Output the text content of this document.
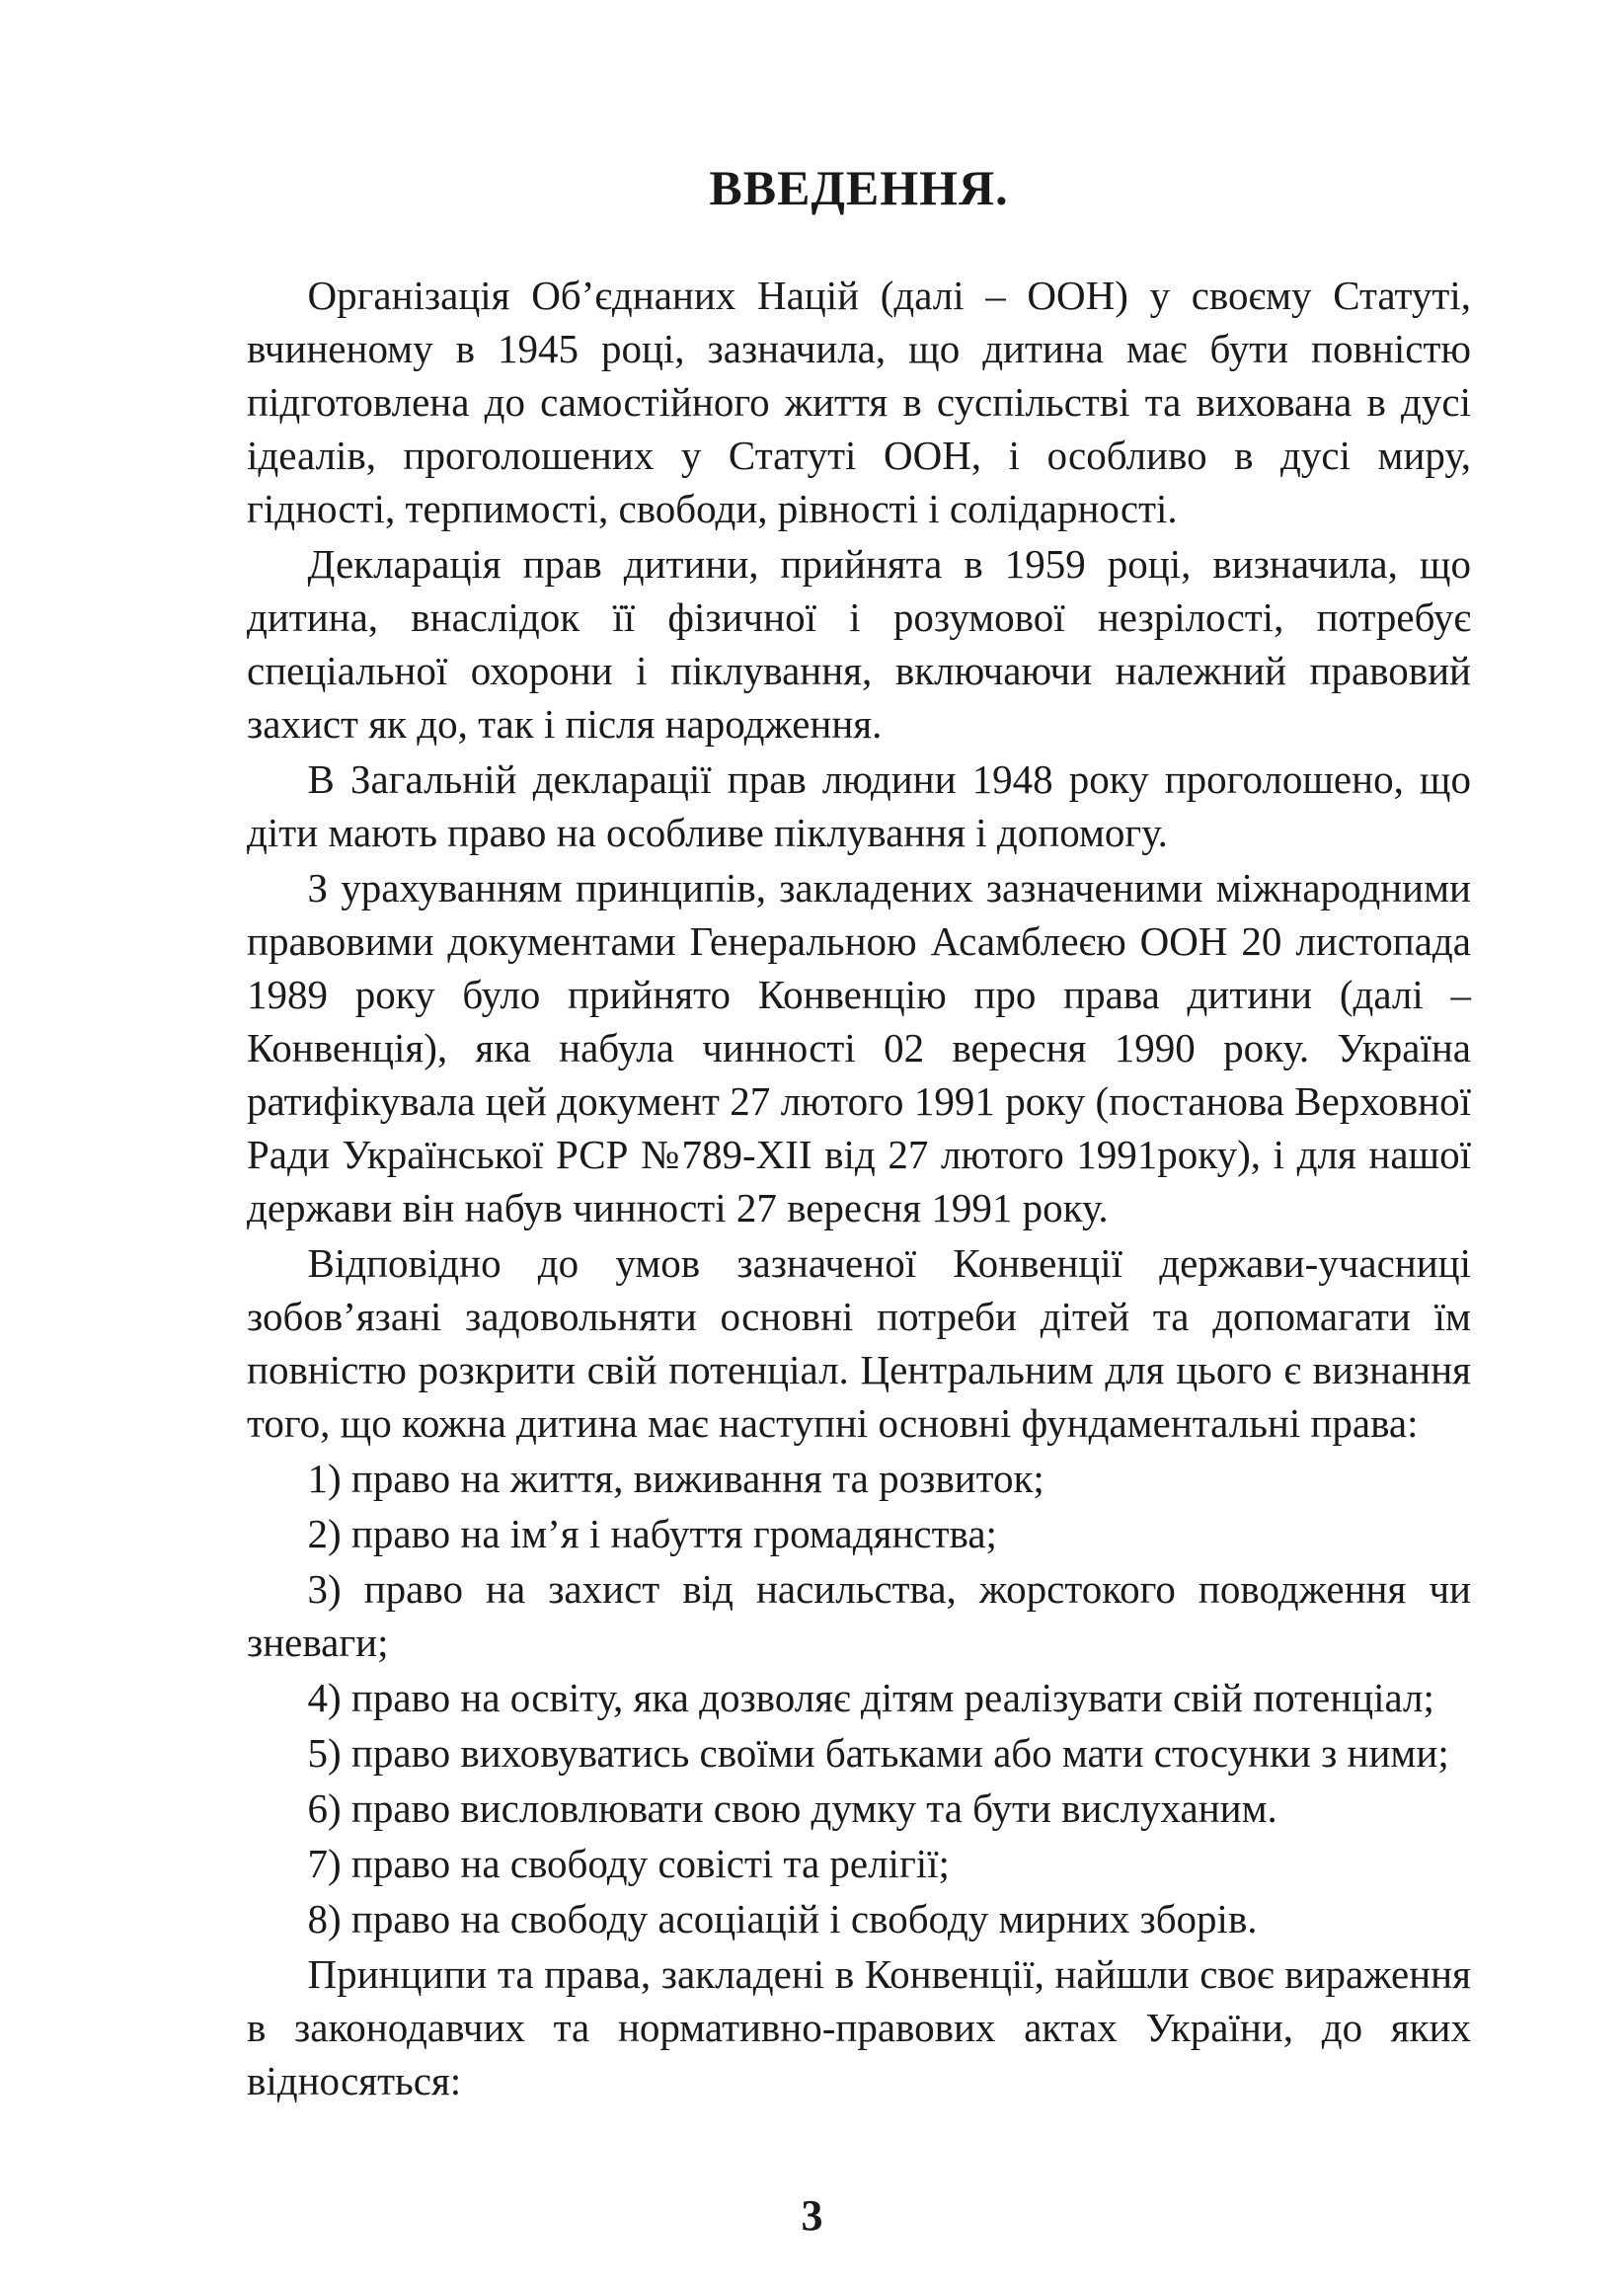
ВВЕДЕННЯ.

Організація Об’єднаних Націй (далі – ООН) у своєму Статуті, вчиненому в 1945 році, зазначила, що дитина має бути повністю підготовлена до самостійного життя в суспільстві та вихована в дусі ідеалів, проголошених у Статуті ООН, і особливо в дусі миру, гідності, терпимості, свободи, рівності і солідарності.

Декларація прав дитини, прийнята в 1959 році, визначила, що дитина, внаслідок її фізичної і розумової незрілості, потребує спеціальної охорони і піклування, включаючи належний правовий захист як до, так і після народження.

В Загальній декларації прав людини 1948 року проголошено, що діти мають право на особливе піклування і допомогу.

З урахуванням принципів, закладених зазначеними міжнародними правовими документами Генеральною Асамблеєю ООН 20 листопада 1989 року було прийнято Конвенцію про права дитини (далі – Конвенція), яка набула чинності 02 вересня 1990 року. Україна ратифікувала цей документ 27 лютого 1991 року (постанова Верховної Ради Української РСР №789-XII від 27 лютого 1991року), і для нашої держави він набув чинності 27 вересня 1991 року.

Відповідно до умов зазначеної Конвенції держави-учасниці зобов’язані задовольняти основні потреби дітей та допомагати їм повністю розкрити свій потенціал. Центральним для цього є визнання того, що кожна дитина має наступні основні фундаментальні права:

1) право на життя, виживання та розвиток;
2) право на ім’я і набуття громадянства;
3) право на захист від насильства, жорстокого поводження чи зневаги;
4) право на освіту, яка дозволяє дітям реалізувати свій потенціал;
5) право виховуватись своїми батьками або мати стосунки з ними;
6) право висловлювати свою думку та бути вислуханим.
7) право на свободу совісті та релігії;
8) право на свободу асоціацій і свободу мирних зборів.

Принципи та права, закладені в Конвенції, найшли своє вираження в законодавчих та нормативно-правових актах України, до яких відносяться:

3
